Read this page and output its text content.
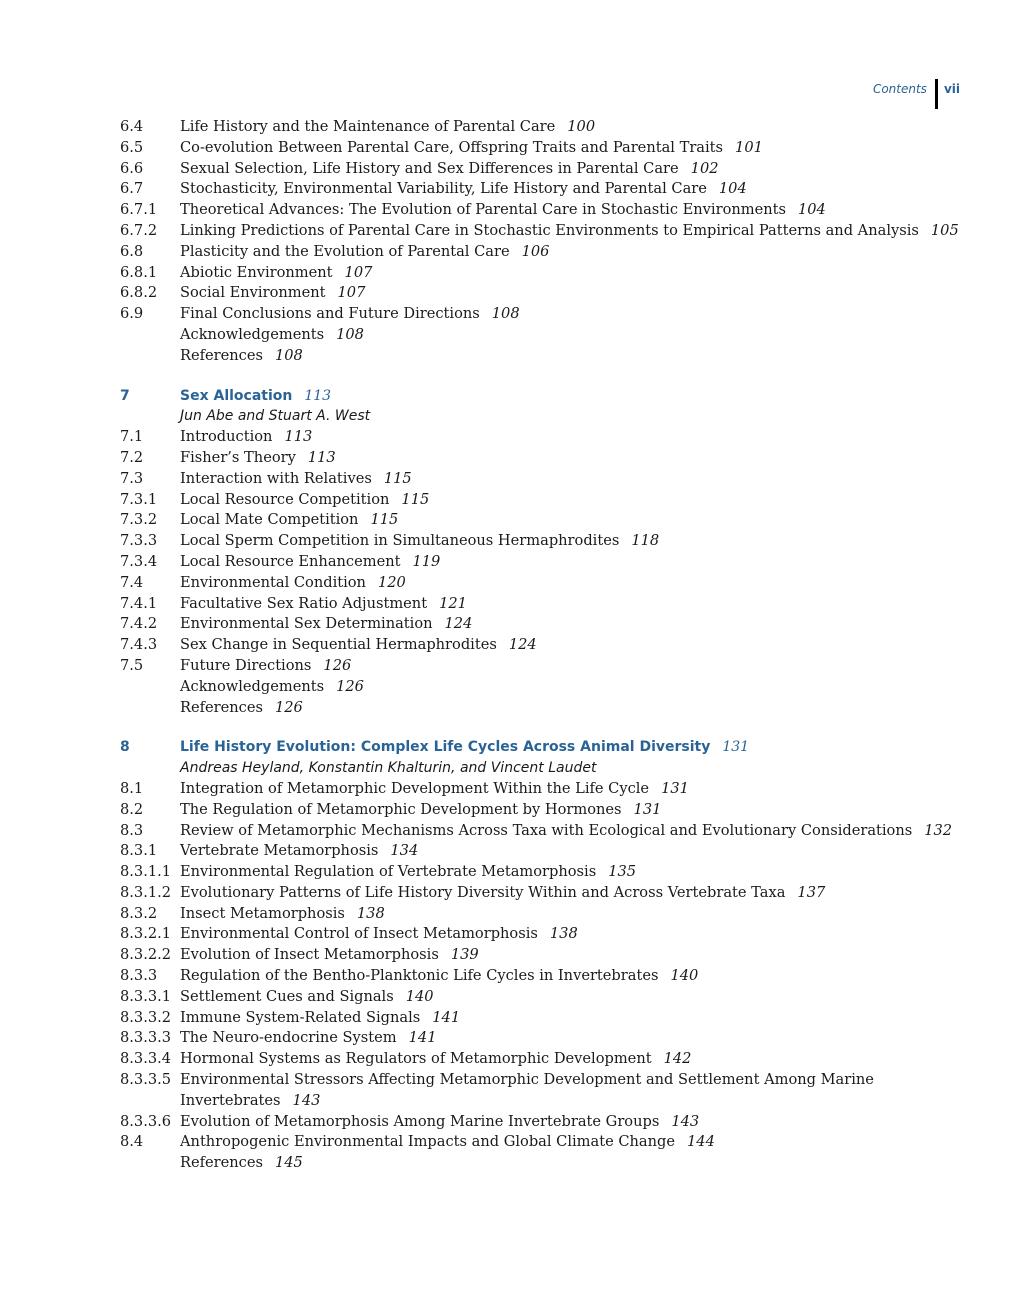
Contents	vii
6.4	Life History and the Maintenance of Parental Care 100
6.5	Co-evolution Between Parental Care, Offspring Traits and Parental Traits 101
6.6	Sexual Selection, Life History and Sex Differences in Parental Care 102
6.7	Stochasticity, Environmental Variability, Life History and Parental Care 104
6.7.1 Theoretical Advances: The Evolution of Parental Care in Stochastic Environments 104
6.7.2 Linking Predictions of Parental Care in Stochastic Environments to Empirical Patterns and Analysis 105
6.8	Plasticity and the Evolution of Parental Care 106
6.8.1 Abiotic Environment 107
6.8.2 Social Environment 107
6.9	Final Conclusions and Future Directions 108
Acknowledgements 108
References 108
7	Sex Allocation 113
Jun Abe and Stuart A. West
7.1	Introduction 113
7.2	Fisher’s Theory 113
7.3	Interaction with Relatives 115
7.3.1 Local Resource Competition 115
7.3.2 Local Mate Competition 115
7.3.3 Local Sperm Competition in Simultaneous Hermaphrodites 118
7.3.4 Local Resource Enhancement 119
7.4	Environmental Condition 120
7.4.1 Facultative Sex Ratio Adjustment 121
7.4.2 Environmental Sex Determination 124
7.4.3 Sex Change in Sequential Hermaphrodites 124
7.5	Future Directions 126
Acknowledgements 126
References 126
8	Life History Evolution: Complex Life Cycles Across Animal Diversity 131
Andreas Heyland, Konstantin Khalturin, and Vincent Laudet
8.1	Integration of Metamorphic Development Within the Life Cycle 131
8.2	The Regulation of Metamorphic Development by Hormones 131
8.3	Review of Metamorphic Mechanisms Across Taxa with Ecological and Evolutionary Considerations 132
8.3.1 Vertebrate Metamorphosis 134
8.3.1.1 Environmental Regulation of Vertebrate Metamorphosis 135
8.3.1.2 Evolutionary Patterns of Life History Diversity Within and Across Vertebrate Taxa 137
8.3.2 Insect Metamorphosis 138
8.3.2.1 Environmental Control of Insect Metamorphosis 138
8.3.2.2 Evolution of Insect Metamorphosis 139
8.3.3 Regulation of the Bentho-Planktonic Life Cycles in Invertebrates 140
8.3.3.1 Settlement Cues and Signals 140
8.3.3.2 Immune System-Related Signals 141
8.3.3.3 The Neuro-endocrine System 141
8.3.3.4 Hormonal Systems as Regulators of Metamorphic Development 142
8.3.3.5 Environmental Stressors Affecting Metamorphic Development and Settlement Among Marine Invertebrates 143
8.3.3.6 Evolution of Metamorphosis Among Marine Invertebrate Groups 143
8.4	Anthropogenic Environmental Impacts and Global Climate Change 144
References 145
